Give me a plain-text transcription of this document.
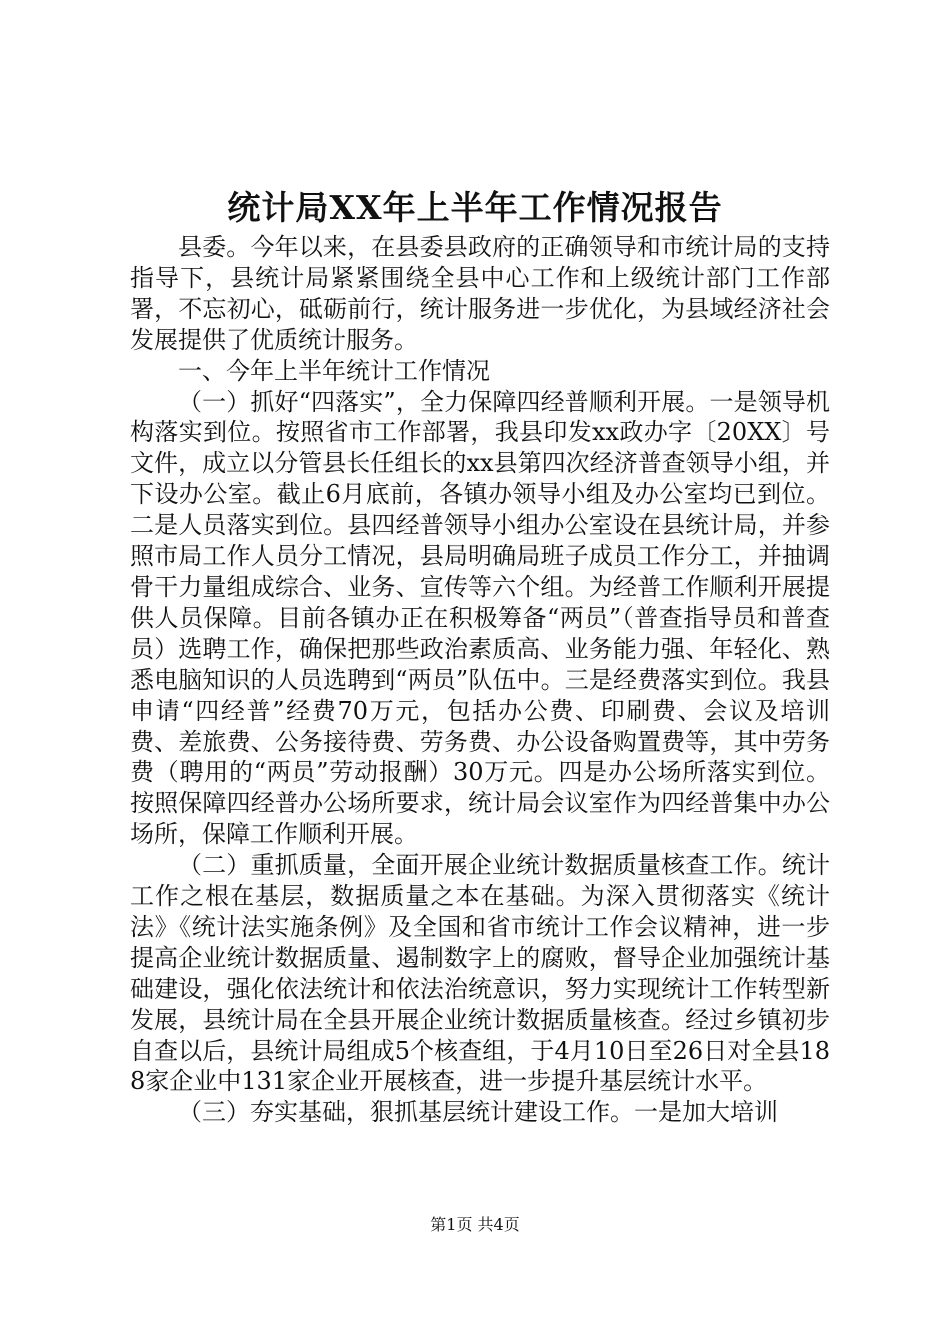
统计局XX年上半年工作情况报告

县委。今年以来，在县委县政府的正确领导和市统计局的支持指导下，县统计局紧紧围绕全县中心工作和上级统计部门工作部署，不忘初心，砥砺前行，统计服务进一步优化，为县域经济社会发展提供了优质统计服务。

一、今年上半年统计工作情况

（一）抓好“四落实”，全力保障四经普顺利开展。一是领导机构落实到位。按照省市工作部署，我县印发xx政办字〔20XX〕号文件，成立以分管县长任组长的xx县第四次经济普查领导小组，并下设办公室。截止6月底前，各镇办领导小组及办公室均已到位。二是人员落实到位。县四经普领导小组办公室设在县统计局，并参照市局工作人员分工情况，县局明确局班子成员工作分工，并抽调骨干力量组成综合、业务、宣传等六个组。为经普工作顺利开展提供人员保障。目前各镇办正在积极筹备“两员”（普查指导员和普查员）选聘工作，确保把那些政治素质高、业务能力强、年轻化、熟悉电脑知识的人员选聘到“两员”队伍中。三是经费落实到位。我县申请“四经普”经费70万元，包括办公费、印刷费、会议及培训费、差旅费、公务接待费、劳务费、办公设备购置费等，其中劳务费（聘用的“两员”劳动报酬）30万元。四是办公场所落实到位。按照保障四经普办公场所要求，统计局会议室作为四经普集中办公场所，保障工作顺利开展。

（二）重抓质量，全面开展企业统计数据质量核查工作。统计工作之根在基层，数据质量之本在基础。为深入贯彻落实《统计法》《统计法实施条例》及全国和省市统计工作会议精神，进一步提高企业统计数据质量、遏制数字上的腐败，督导企业加强统计基础建设，强化依法统计和依法治统意识，努力实现统计工作转型新发展，县统计局在全县开展企业统计数据质量核查。经过乡镇初步自查以后，县统计局组成5个核查组，于4月10日至26日对全县188家企业中131家企业开展核查，进一步提升基层统计水平。

（三）夯实基础，狠抓基层统计建设工作。一是加大培训

第1页 共4页
